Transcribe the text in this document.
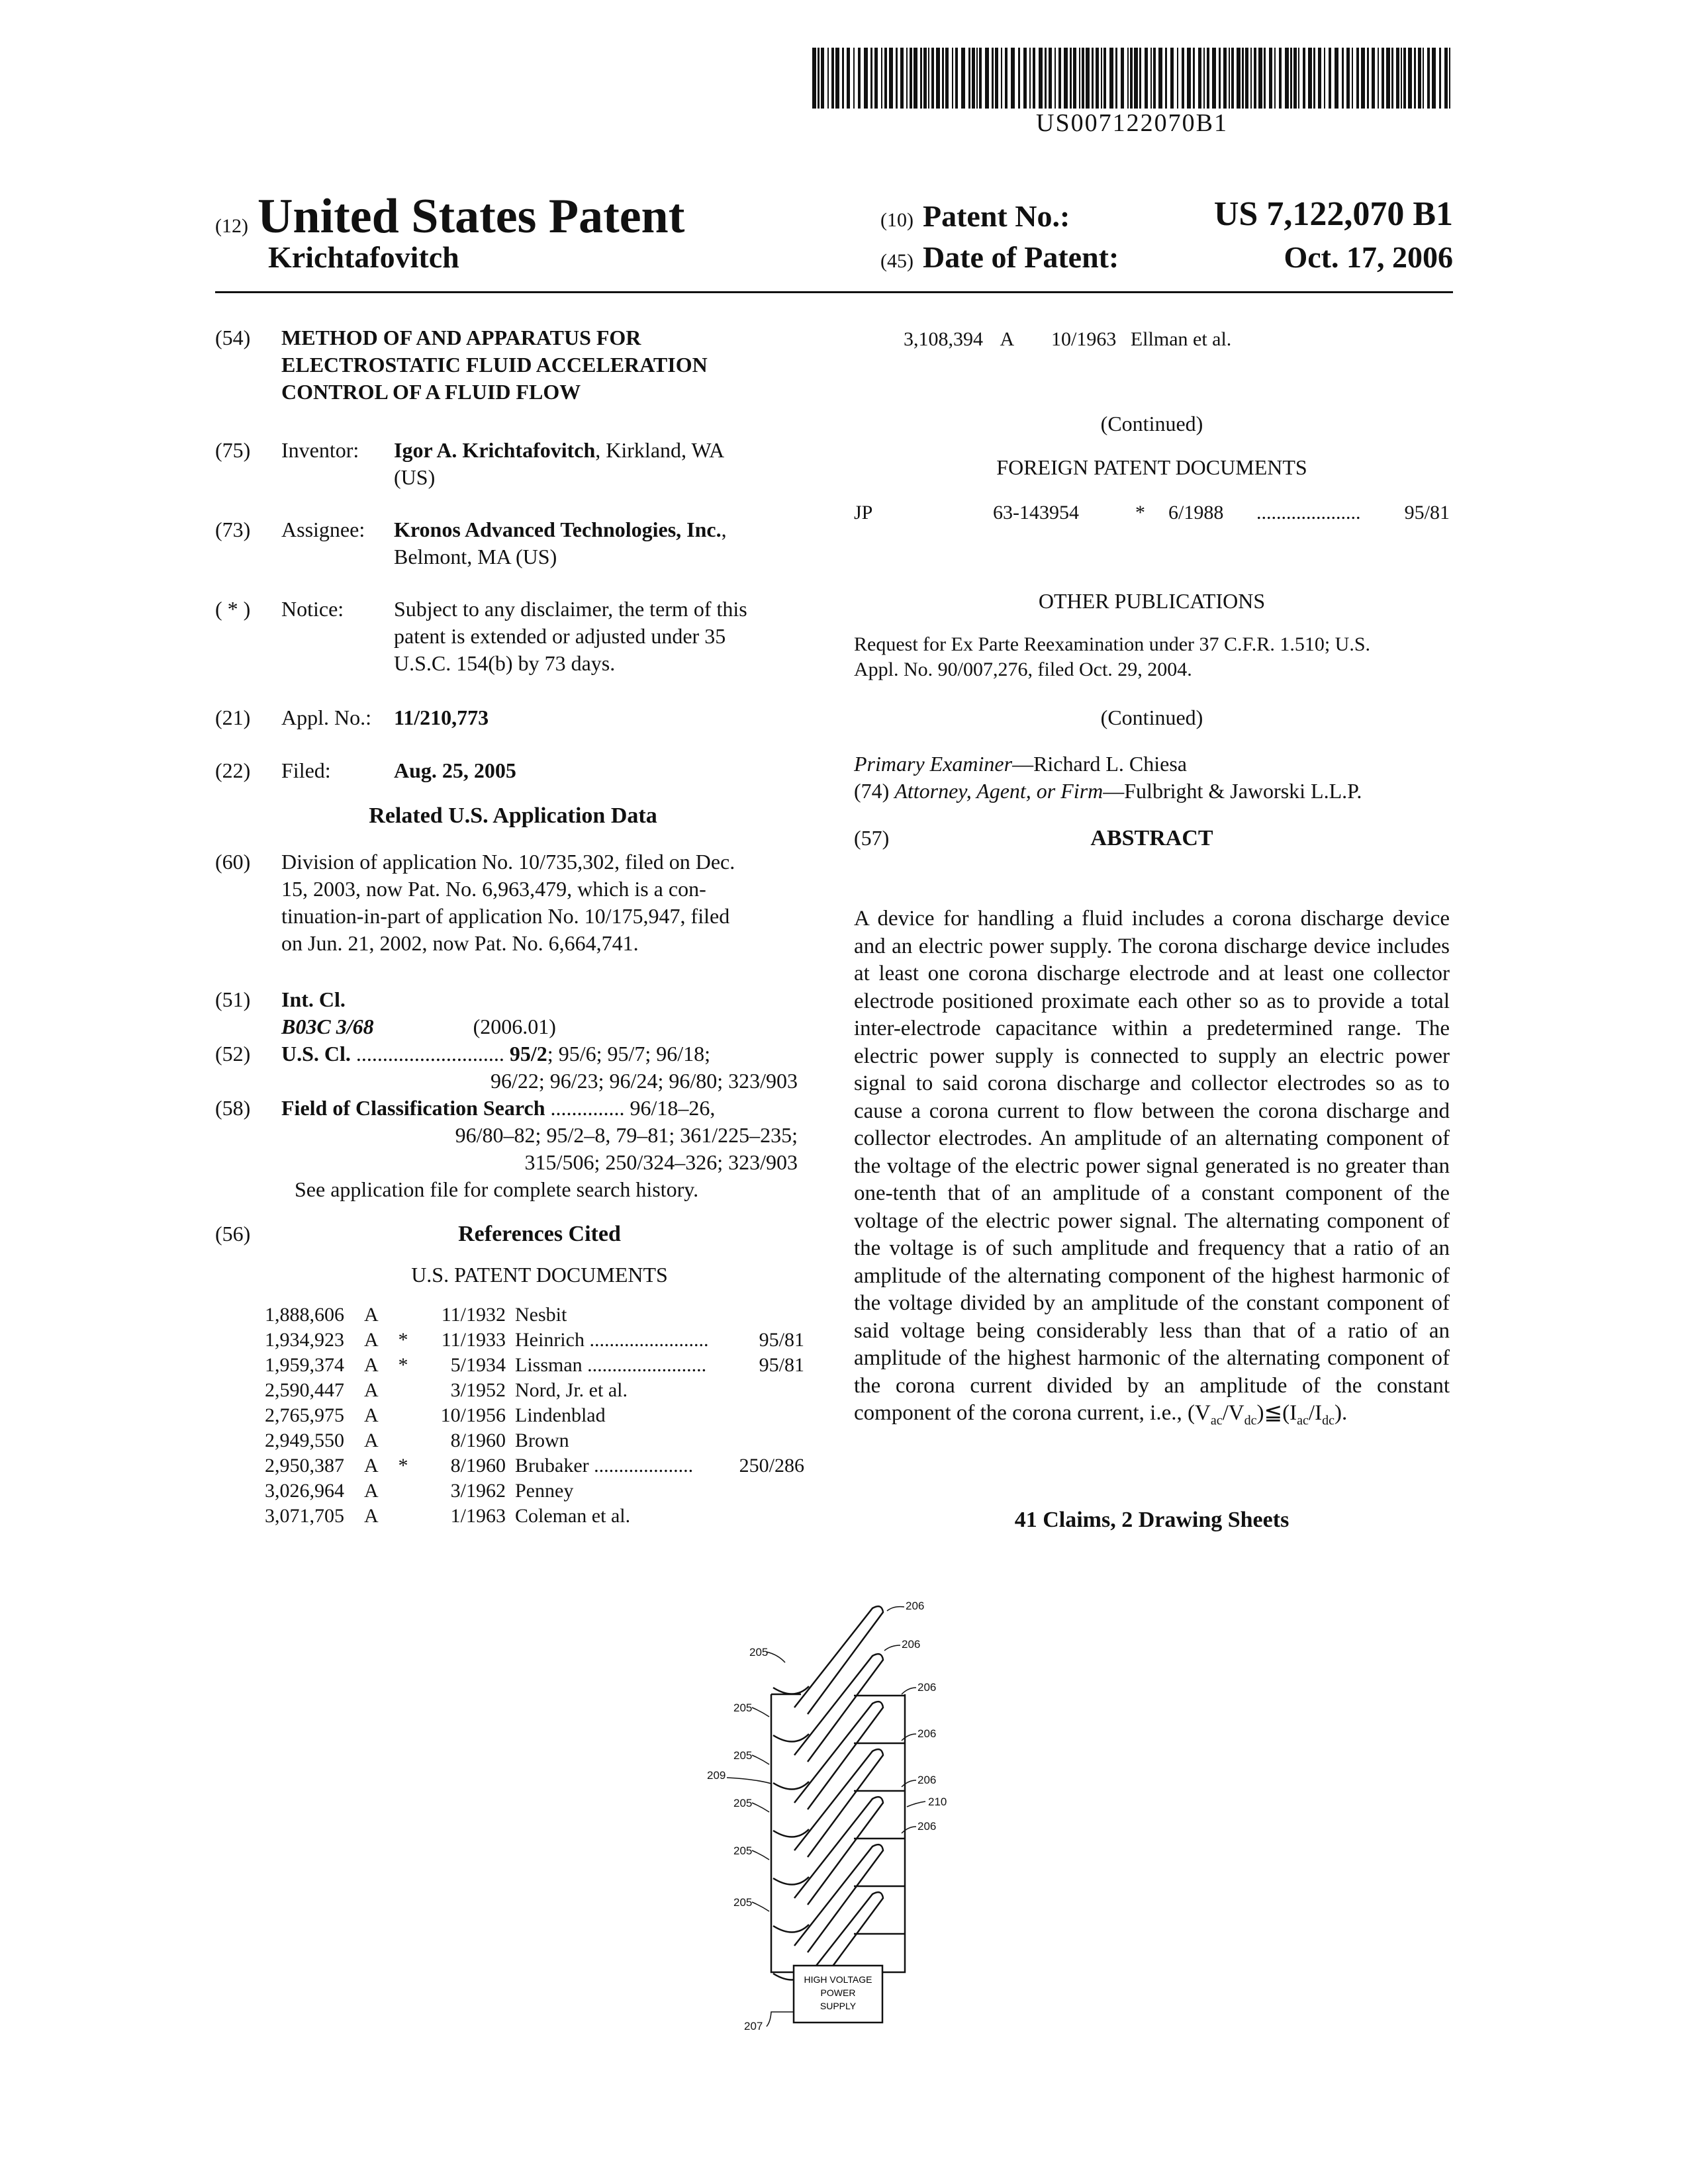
US007122070B1
(12) United States Patent
Krichtafovitch
(10) Patent No.:	US 7,122,070 B1
(45) Date of Patent:	Oct. 17, 2006
(54)	METHOD OF AND APPARATUS FOR
ELECTROSTATIC FLUID ACCELERATION
CONTROL OF A FLUID FLOW
(75) Inventor: Igor A. Krichtafovitch, Kirkland, WA
(US)
(73) Assignee: Kronos Advanced Technologies, Inc.,
Belmont, MA (US)
( * ) Notice: Subject to any disclaimer, the term of this
patent is extended or adjusted under 35
U.S.C. 154(b) by 73 days.
(21) Appl. No.: 11/210,773
(22) Filed:	Aug. 25, 2005
Related U.S. Application Data
(60) Division of application No. 10/735,302, filed on Dec.
15, 2003, now Pat. No. 6,963,479, which is a con-
tinuation-in-part of application No. 10/175,947, filed
on Jun. 21, 2002, now Pat. No. 6,664,741.
(51) Int. Cl.
B03C 3/68	(2006.01)
(52) U.S. Cl. ............................ 95/2; 95/6; 95/7; 96/18;
96/22; 96/23; 96/24; 96/80; 323/903
(58) Field of Classification Search .............. 96/18–26,
96/80–82; 95/2–8, 79–81; 361/225–235;
315/506; 250/324–326; 323/903
See application file for complete search history.
(56)	References Cited
U.S. PATENT DOCUMENTS
1,888,606	A		11/1932	Nesbit	
1,934,923	A	*	11/1933	Heinrich ........................	95/81
1,959,374	A	*	5/1934	Lissman ........................	95/81
2,590,447	A		3/1952	Nord, Jr. et al.	
2,765,975	A		10/1956	Lindenblad	
2,949,550	A		8/1960	Brown	
2,950,387	A	*	8/1960	Brubaker ....................	250/286
3,026,964	A		3/1962	Penney	
3,071,705	A		1/1963	Coleman et al.	
3,108,394 A 10/1963 Ellman et al.
(Continued)
FOREIGN PATENT DOCUMENTS
JP	63-143954	* 6/1988 ..................... 95/81
OTHER PUBLICATIONS
Request for Ex Parte Reexamination under 37 C.F.R. 1.510; U.S.
Appl. No. 90/007,276, filed Oct. 29, 2004.
(Continued)
Primary Examiner—Richard L. Chiesa
(74) Attorney, Agent, or Firm—Fulbright & Jaworski L.L.P.
(57)	ABSTRACT
A device for handling a fluid includes a corona discharge device and an electric power supply. The corona discharge device includes at least one corona discharge electrode and at least one collector electrode positioned proximate each other so as to provide a total inter-electrode capacitance within a predetermined range. The electric power supply is connected to supply an electric power signal to said corona discharge and collector electrodes so as to cause a corona current to flow between the corona discharge and collector electrodes. An amplitude of an alternating component of the voltage of the electric power signal generated is no greater than one-tenth that of an amplitude of a constant component of the voltage of the electric power signal. The alternating component of the voltage is of such amplitude and frequency that a ratio of an amplitude of the alternating component of the highest harmonic of the voltage divided by an amplitude of the constant component of said voltage being considerably less than that of a ratio of an amplitude of the highest harmonic of the alternating component of the corona current divided by an amplitude of the constant component of the corona current, i.e., $(V_{ac}/V_{dc})≦(I_{ac}/I_{dc})$.
41 Claims, 2 Drawing Sheets
HIGH VOLTAGE
POWER
SUPPLY
205
205
205
205
205
205
206
206
206
206
206
206
207
209
210
